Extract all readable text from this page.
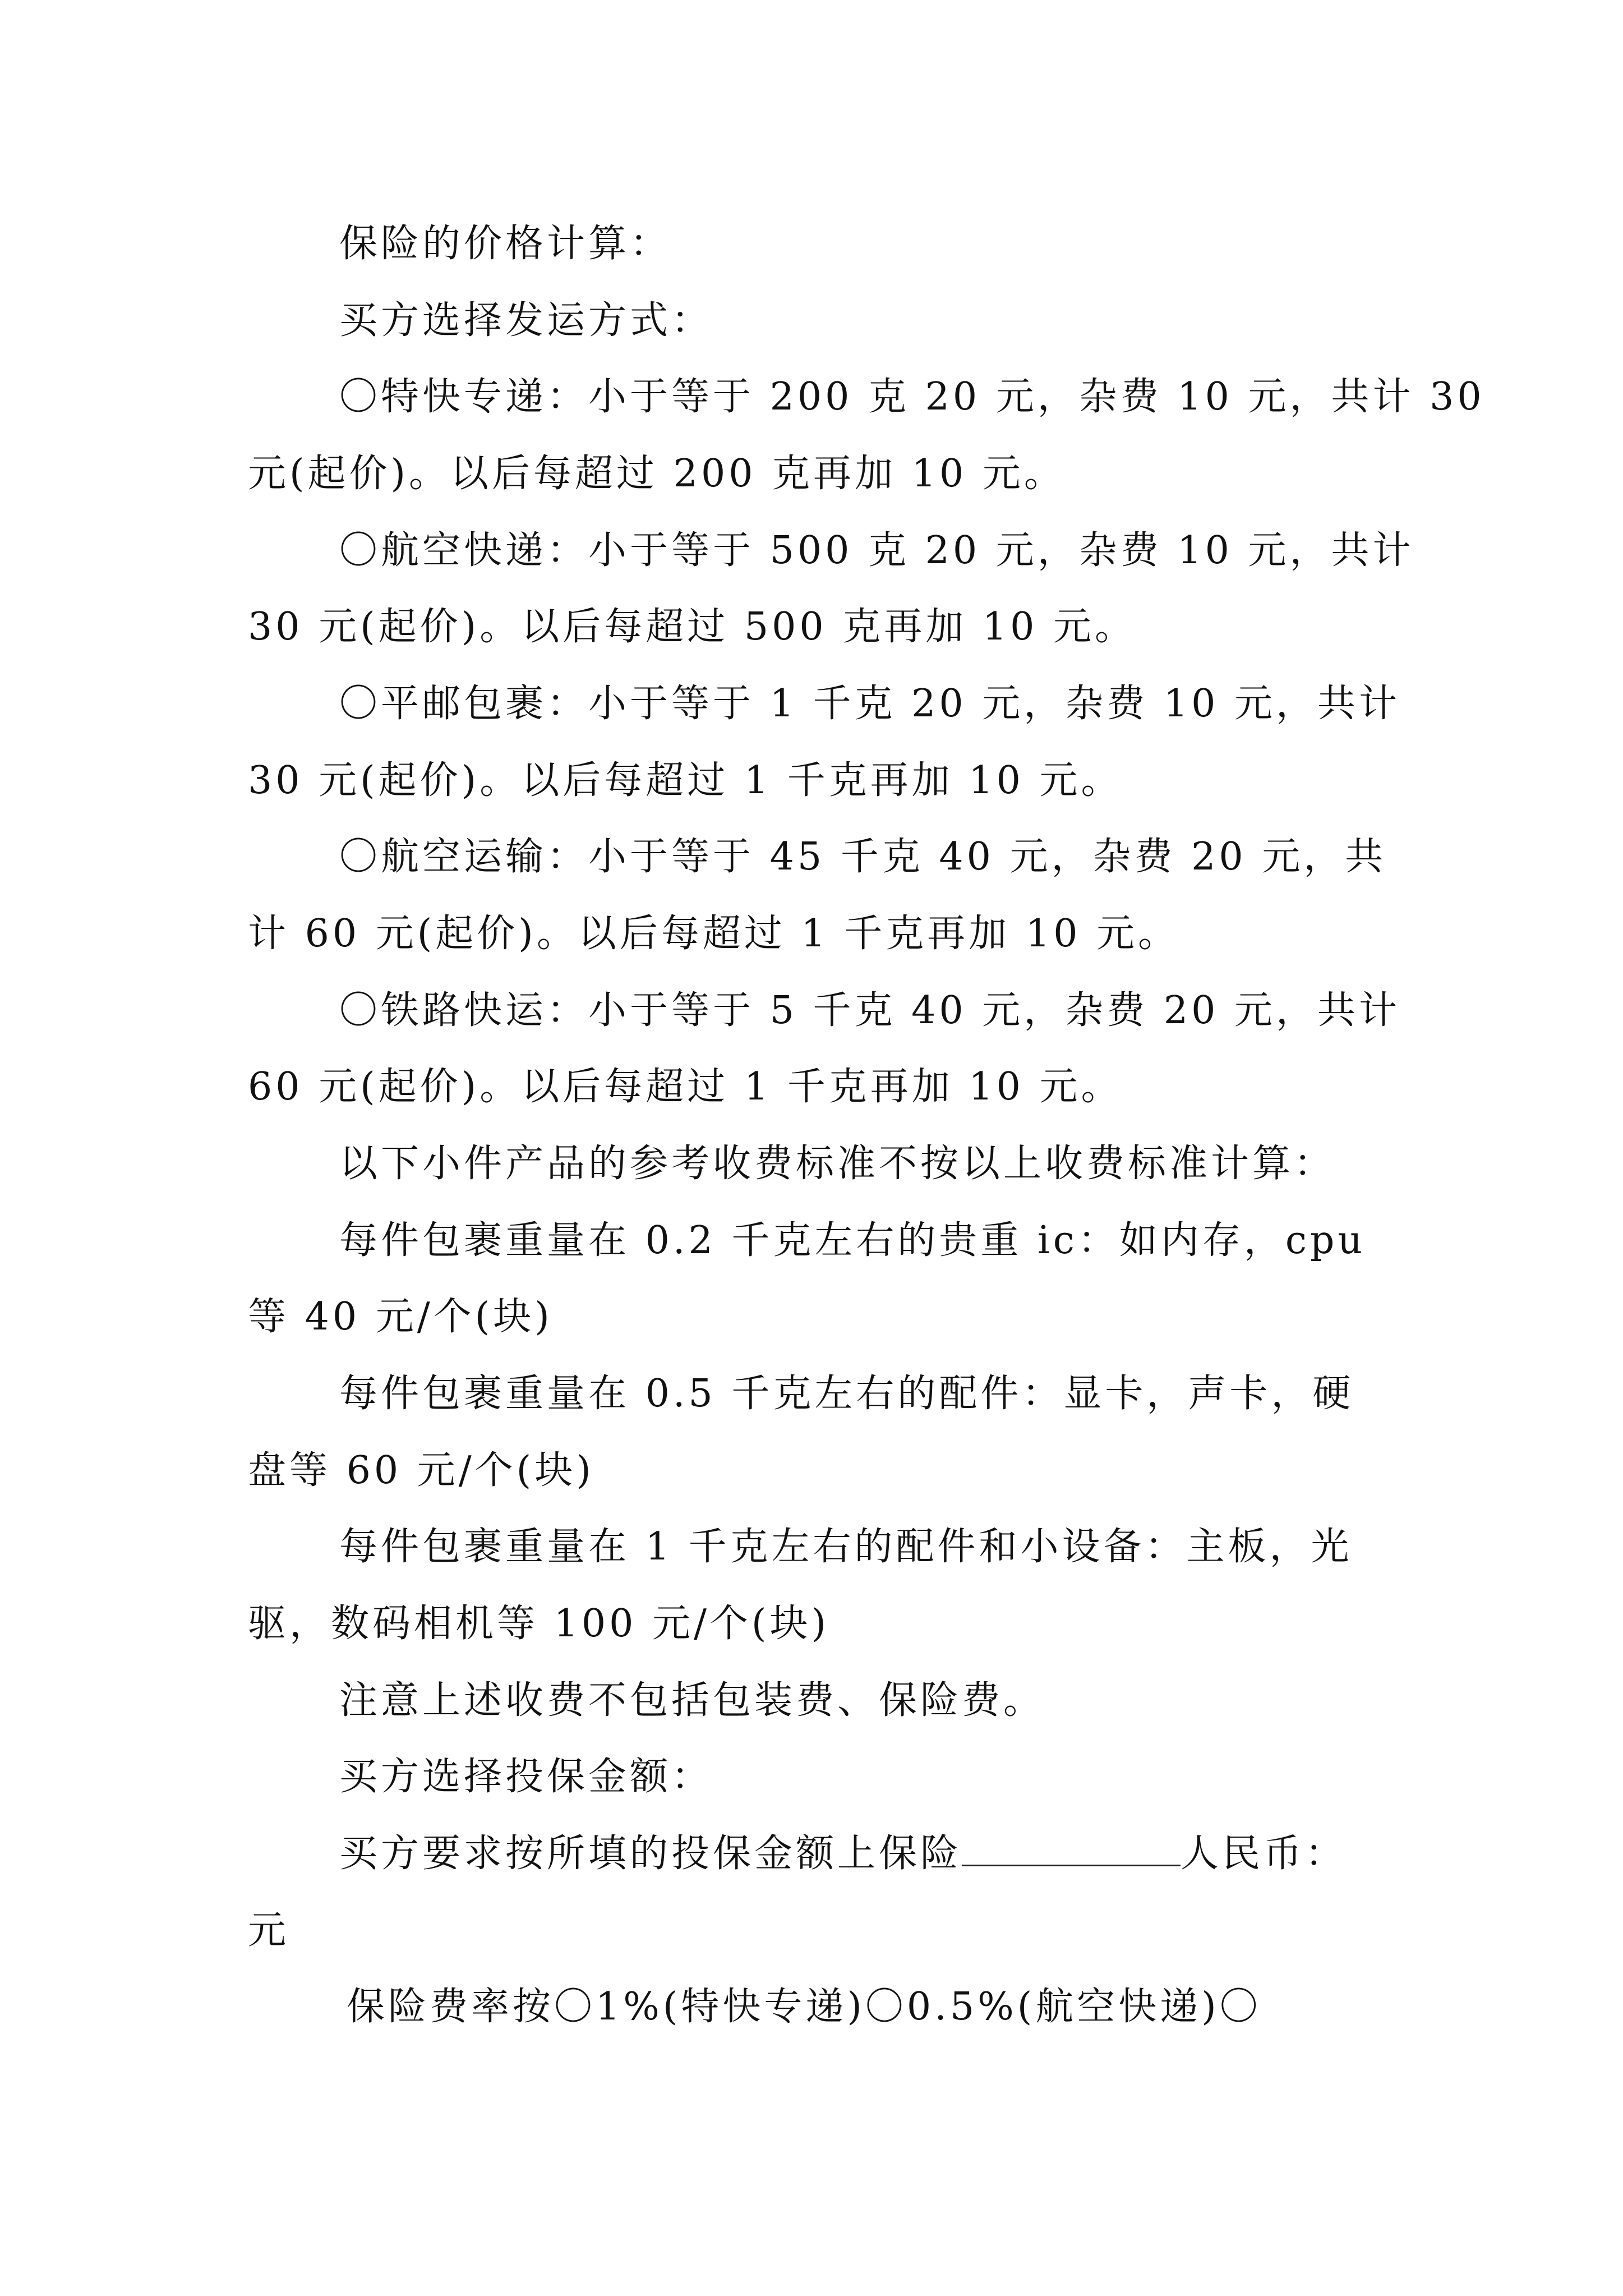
保险的价格计算：
买方选择发运方式：
〇特快专递：小于等于 200 克 20 元，杂费 10 元，共计 30
元(起价)。以后每超过 200 克再加 10 元。
〇航空快递：小于等于 500 克 20 元，杂费 10 元，共计
30 元(起价)。以后每超过 500 克再加 10 元。
〇平邮包裹：小于等于 1 千克 20 元，杂费 10 元，共计
30 元(起价)。以后每超过 1 千克再加 10 元。
〇航空运输：小于等于 45 千克 40 元，杂费 20 元，共
计 60 元(起价)。以后每超过 1 千克再加 10 元。
〇铁路快运：小于等于 5 千克 40 元，杂费 20 元，共计
60 元(起价)。以后每超过 1 千克再加 10 元。
以下小件产品的参考收费标准不按以上收费标准计算：
每件包裹重量在 0.2 千克左右的贵重 ic：如内存，cpu
等 40 元/个(块)
每件包裹重量在 0.5 千克左右的配件：显卡，声卡，硬
盘等 60 元/个(块)
每件包裹重量在 1 千克左右的配件和小设备：主板，光
驱，数码相机等 100 元/个(块)
注意上述收费不包括包装费、保险费。
买方选择投保金额：
买方要求按所填的投保金额上保险	人民币：
元
保险费率按〇1%(特快专递)〇0.5%(航空快递)〇
